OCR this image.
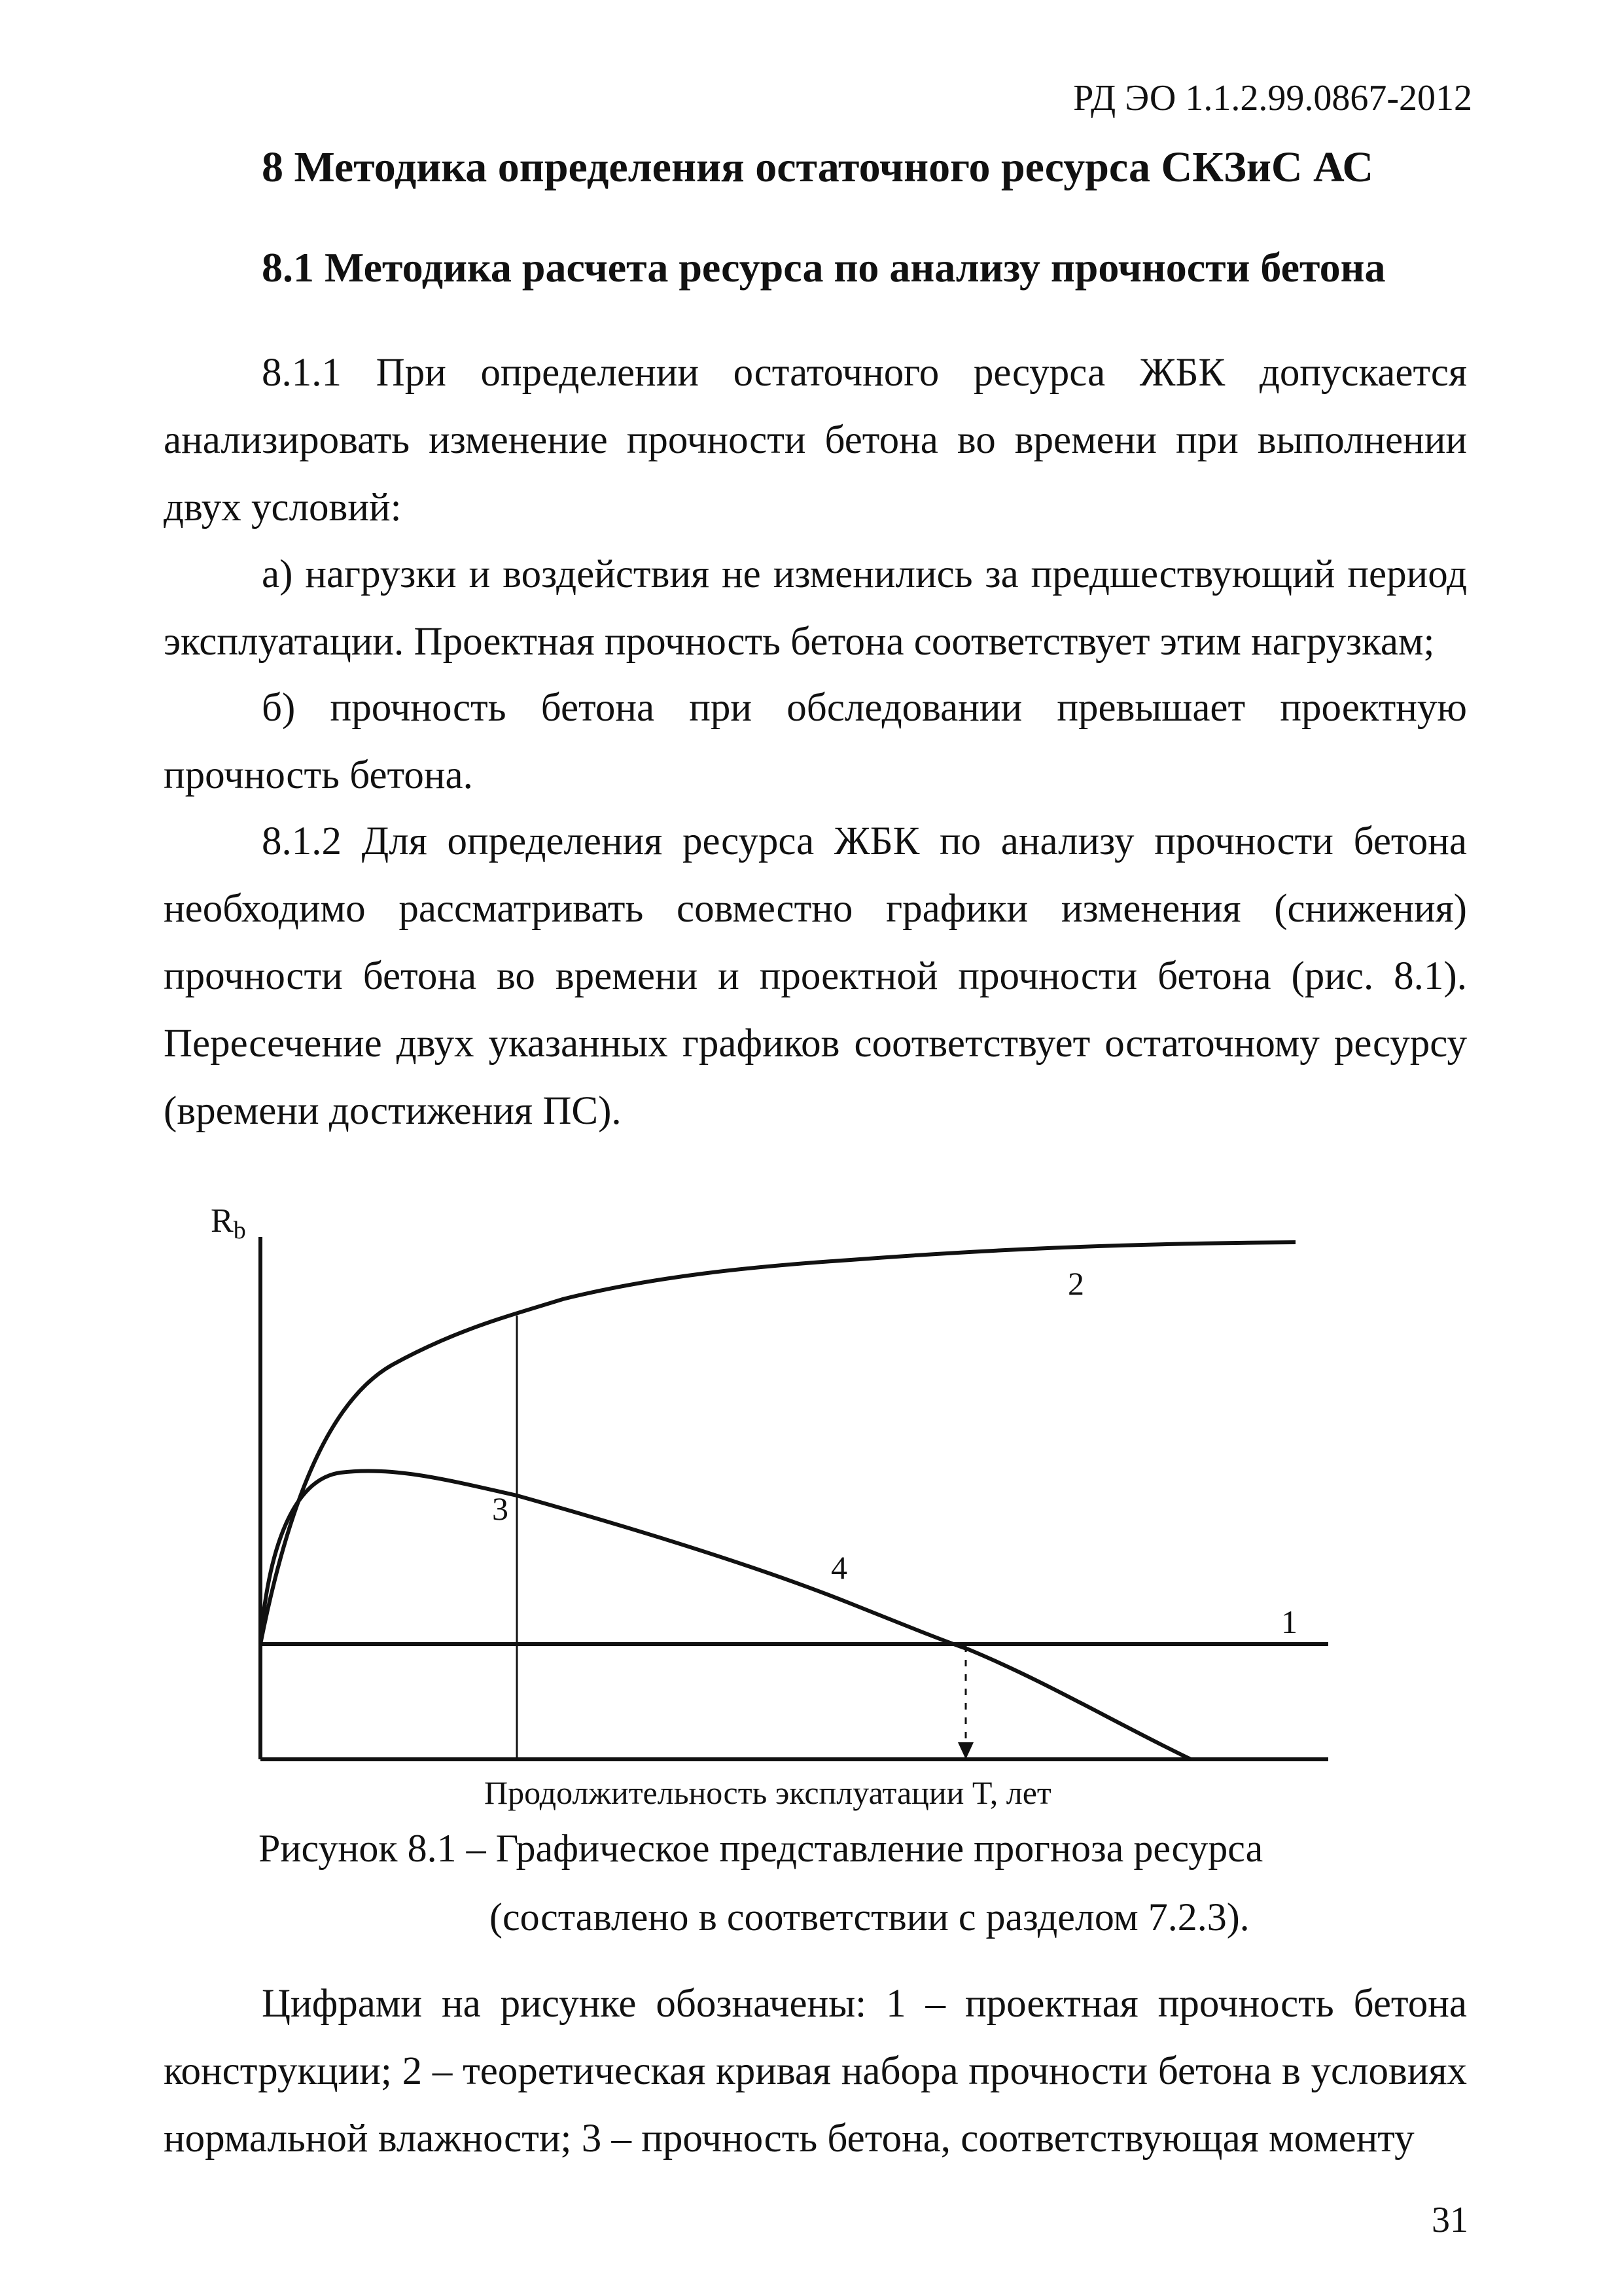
РД ЭО 1.1.2.99.0867-2012
8 Методика определения остаточного ресурса СКЗиС АС
8.1 Методика расчета ресурса по анализу прочности бетона

8.1.1 При определении остаточного ресурса ЖБК допускается анализировать изменение прочности бетона во времени при выполнении двух условий:

а) нагрузки и воздействия не изменились за предшествующий период эксплуатации. Проектная прочность бетона соответствует этим нагрузкам;

б) прочность бетона при обследовании превышает проектную прочность бетона.

8.1.2 Для определения ресурса ЖБК по анализу прочности бетона необходимо рассматривать совместно графики изменения (снижения) прочности бетона во времени и проектной прочности бетона (рис. 8.1). Пересечение двух указанных графиков соответствует остаточному ресурсу (времени достижения ПС).

Rb
1
2
3
4
Продолжительность эксплуатации T, лет
Рисунок 8.1 – Графическое представление прогноза ресурса
(составлено в соответствии с разделом 7.2.3).

Цифрами на рисунке обозначены: 1 – проектная прочность бетона конструкции; 2 – теоретическая кривая набора прочности бетона в условиях нормальной влажности; 3 – прочность бетона, соответствующая моменту

31
